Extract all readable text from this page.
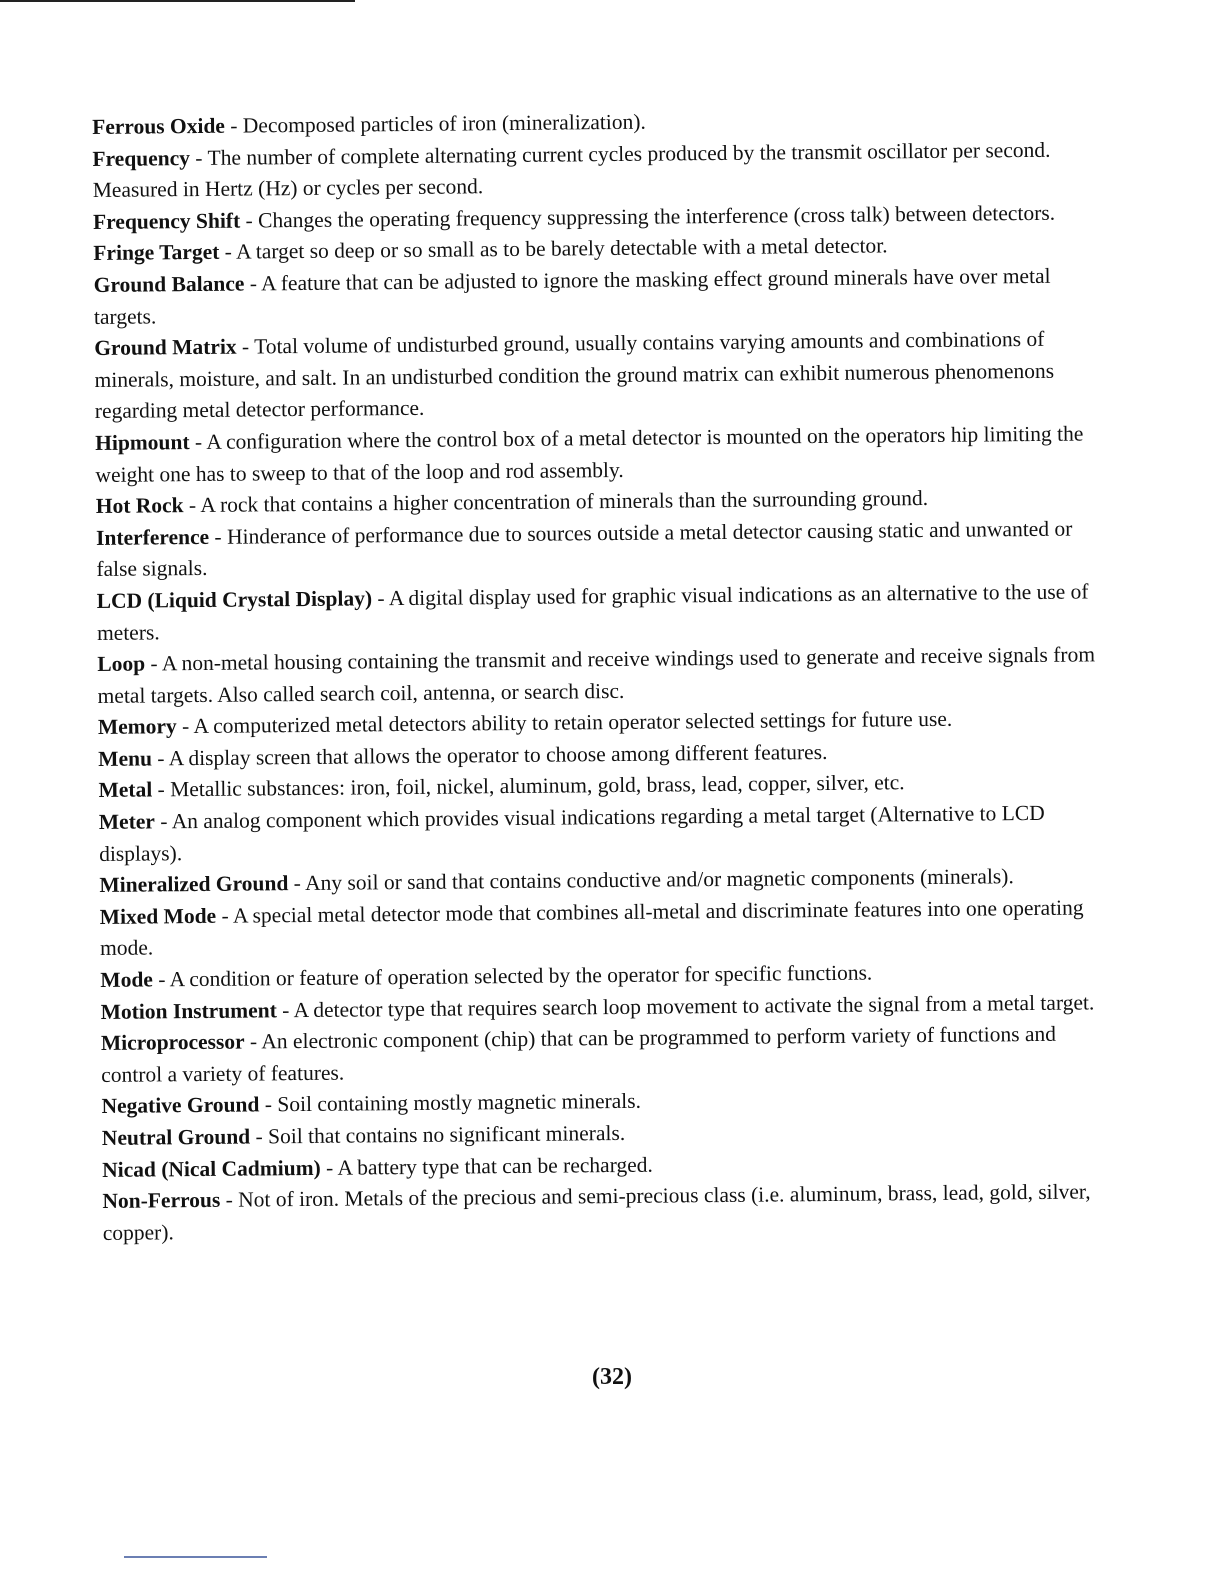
Ferrous Oxide - Decomposed particles of iron (mineralization).

Frequency - The number of complete alternating current cycles produced by the transmit oscillator per second. Measured in Hertz (Hz) or cycles per second.

Frequency Shift - Changes the operating frequency suppressing the interference (cross talk) between detectors.

Fringe Target - A target so deep or so small as to be barely detectable with a metal detector.

Ground Balance - A feature that can be adjusted to ignore the masking effect ground minerals have over metal targets.

Ground Matrix - Total volume of undisturbed ground, usually contains varying amounts and combinations of minerals, moisture, and salt. In an undisturbed condition the ground matrix can exhibit numerous phenomenons regarding metal detector performance.

Hipmount - A configuration where the control box of a metal detector is mounted on the operators hip limiting the weight one has to sweep to that of the loop and rod assembly.

Hot Rock - A rock that contains a higher concentration of minerals than the surrounding ground.

Interference - Hinderance of performance due to sources outside a metal detector causing static and unwanted or false signals.

LCD (Liquid Crystal Display) - A digital display used for graphic visual indications as an alternative to the use of meters.

Loop - A non-metal housing containing the transmit and receive windings used to generate and receive signals from metal targets. Also called search coil, antenna, or search disc.

Memory - A computerized metal detectors ability to retain operator selected settings for future use.

Menu - A display screen that allows the operator to choose among different features.

Metal - Metallic substances: iron, foil, nickel, aluminum, gold, brass, lead, copper, silver, etc.

Meter - An analog component which provides visual indications regarding a metal target (Alternative to LCD displays).

Mineralized Ground - Any soil or sand that contains conductive and/or magnetic components (minerals).

Mixed Mode - A special metal detector mode that combines all-metal and discriminate features into one operating mode.

Mode - A condition or feature of operation selected by the operator for specific functions.

Motion Instrument - A detector type that requires search loop movement to activate the signal from a metal target.

Microprocessor - An electronic component (chip) that can be programmed to perform variety of functions and control a variety of features.

Negative Ground - Soil containing mostly magnetic minerals.

Neutral Ground - Soil that contains no significant minerals.

Nicad (Nical Cadmium) - A battery type that can be recharged.

Non-Ferrous - Not of iron. Metals of the precious and semi-precious class (i.e. aluminum, brass, lead, gold, silver, copper).

(32)
